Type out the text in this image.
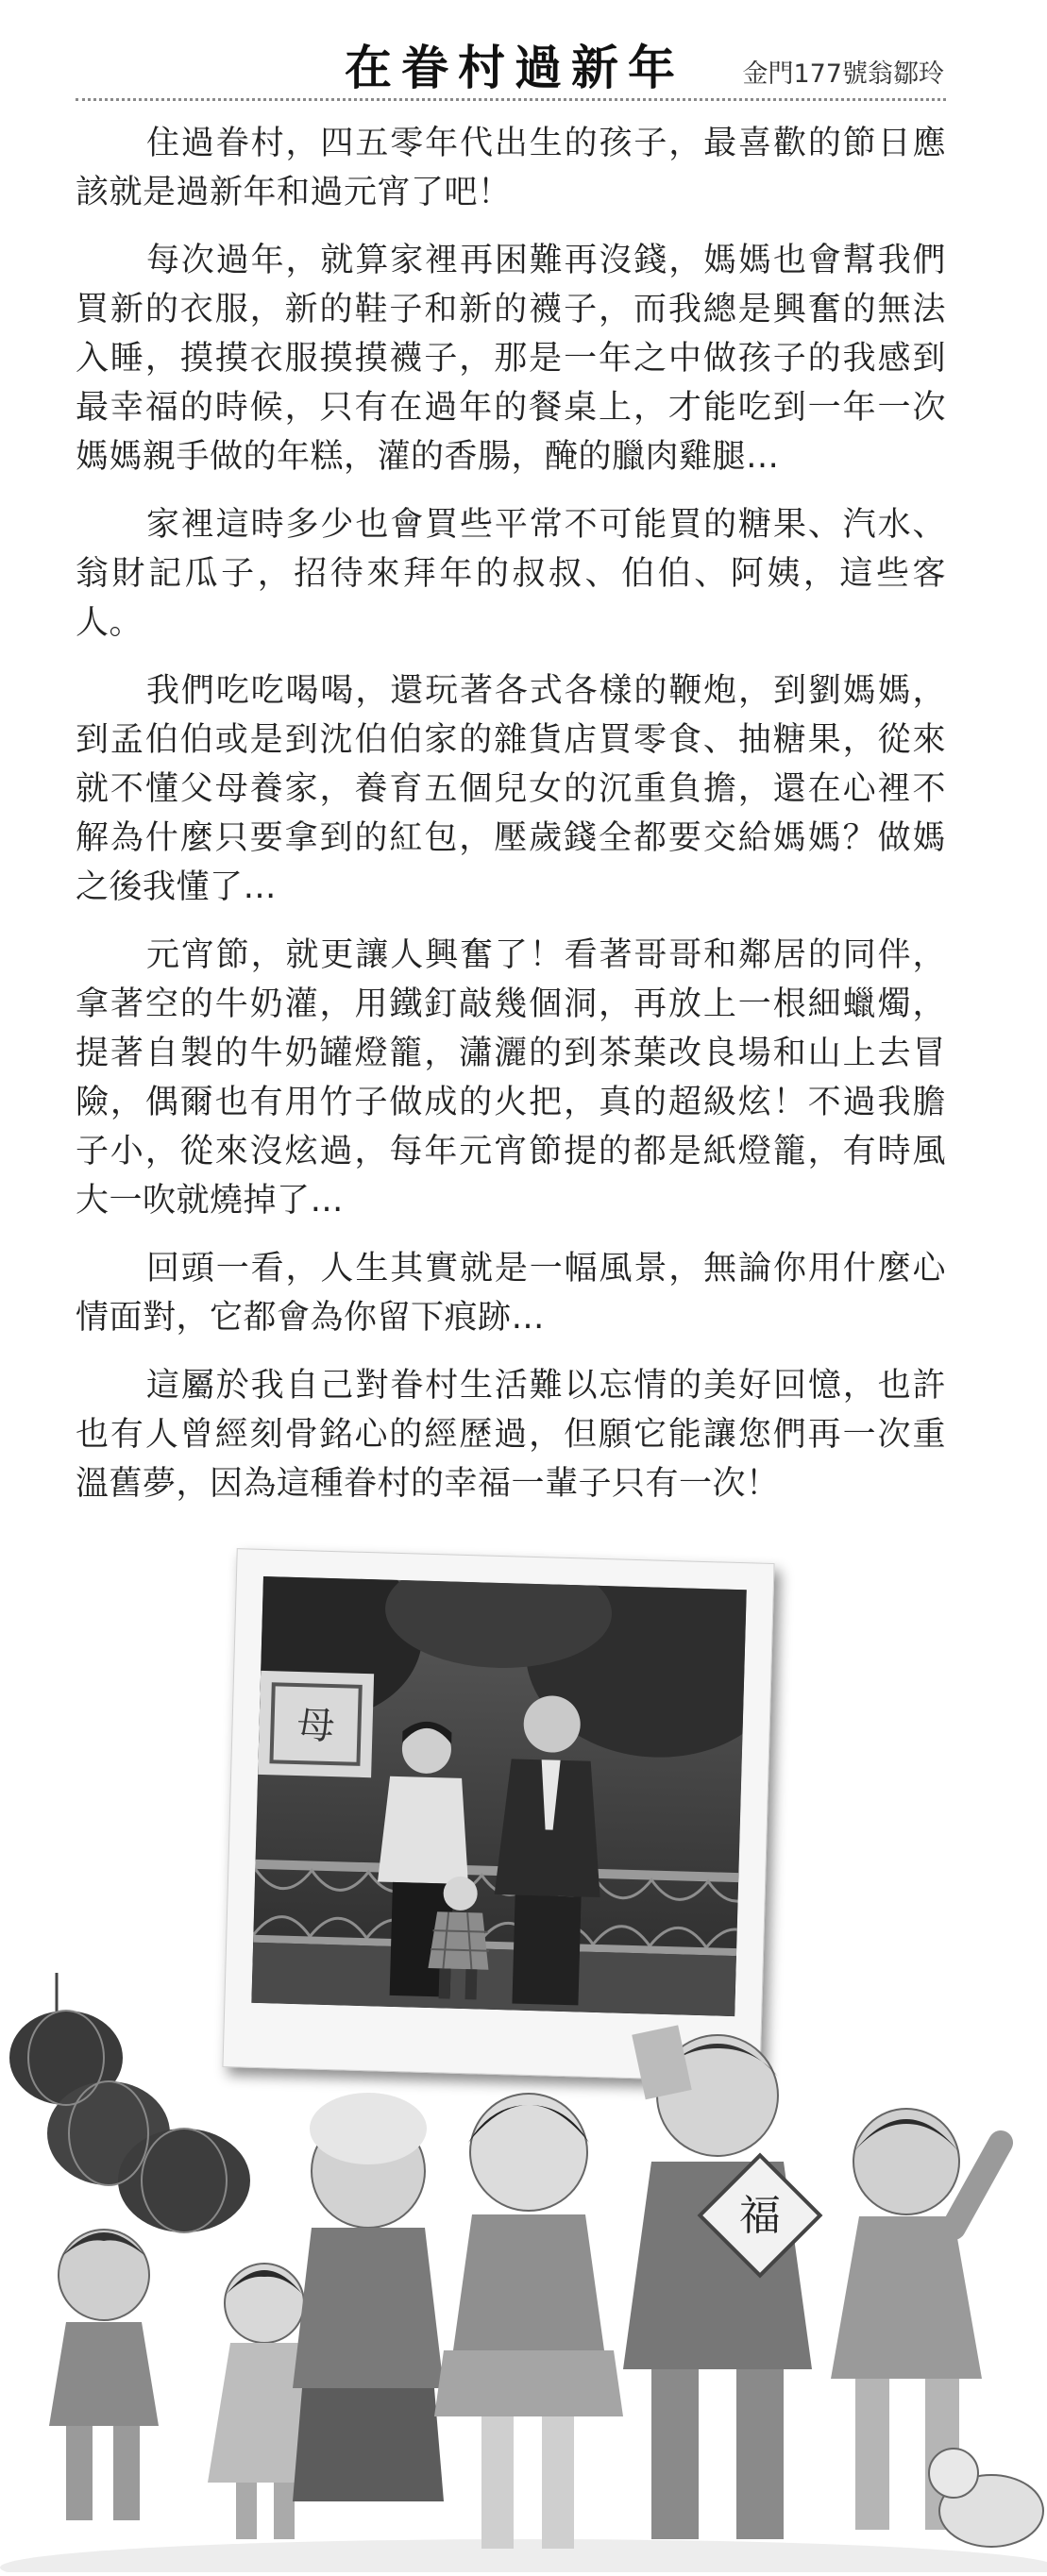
在眷村過新年 金門177號翁鄒玲

住過眷村，四五零年代出生的孩子，最喜歡的節日應該就是過新年和過元宵了吧！

每次過年，就算家裡再困難再沒錢，媽媽也會幫我們買新的衣服，新的鞋子和新的襪子，而我總是興奮的無法入睡，摸摸衣服摸摸襪子，那是一年之中做孩子的我感到最幸福的時候，只有在過年的餐桌上，才能吃到一年一次媽媽親手做的年糕，灌的香腸，醃的臘肉雞腿…

家裡這時多少也會買些平常不可能買的糖果、汽水、翁財記瓜子，招待來拜年的叔叔、伯伯、阿姨，這些客人。

我們吃吃喝喝，還玩著各式各樣的鞭炮，到劉媽媽，到孟伯伯或是到沈伯伯家的雜貨店買零食、抽糖果，從來就不懂父母養家，養育五個兒女的沉重負擔，還在心裡不解為什麼只要拿到的紅包，壓歲錢全都要交給媽媽？做媽之後我懂了…

元宵節，就更讓人興奮了！看著哥哥和鄰居的同伴，拿著空的牛奶灌，用鐵釘敲幾個洞，再放上一根細蠟燭，提著自製的牛奶罐燈籠，瀟灑的到茶葉改良場和山上去冒險，偶爾也有用竹子做成的火把，真的超級炫！不過我膽子小，從來沒炫過，每年元宵節提的都是紙燈籠，有時風大一吹就燒掉了…

回頭一看，人生其實就是一幅風景，無論你用什麼心情面對，它都會為你留下痕跡…

這屬於我自己對眷村生活難以忘情的美好回憶，也許也有人曾經刻骨銘心的經歷過，但願它能讓您們再一次重溫舊夢，因為這種眷村的幸福一輩子只有一次！

母
福
